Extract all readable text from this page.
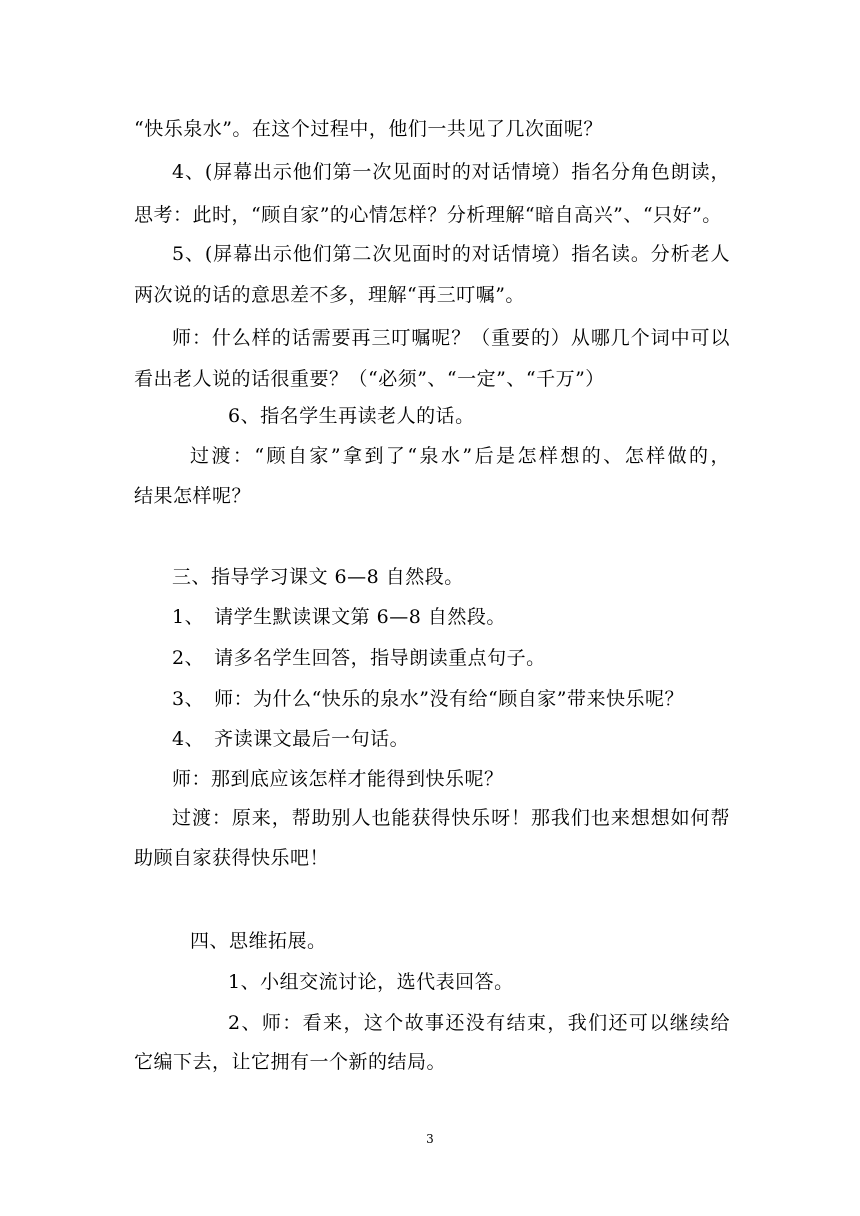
“快乐泉水”。在这个过程中，他们一共见了几次面呢？
4、(屏幕出示他们第一次见面时的对话情境）指名分角色朗读，
思考：此时，“顾自家”的心情怎样？分析理解“暗自高兴”、“只好”。
5、(屏幕出示他们第二次见面时的对话情境）指名读。分析老人
两次说的话的意思差不多，理解“再三叮嘱”。
师：什么样的话需要再三叮嘱呢？（重要的）从哪几个词中可以
看出老人说的话很重要？（“必须”、“一定”、“千万”）
6、指名学生再读老人的话。
过渡：“顾自家”拿到了“泉水”后是怎样想的、怎样做的，
结果怎样呢？
三、指导学习课文 6—8 自然段。
1、　请学生默读课文第 6—8 自然段。
2、　请多名学生回答，指导朗读重点句子。
3、　师：为什么“快乐的泉水”没有给“顾自家”带来快乐呢？
4、　齐读课文最后一句话。
师：那到底应该怎样才能得到快乐呢？
过渡：原来，帮助别人也能获得快乐呀！那我们也来想想如何帮
助顾自家获得快乐吧！
四、思维拓展。
1、小组交流讨论，选代表回答。
2、师：看来，这个故事还没有结束，我们还可以继续给
它编下去，让它拥有一个新的结局。
3
